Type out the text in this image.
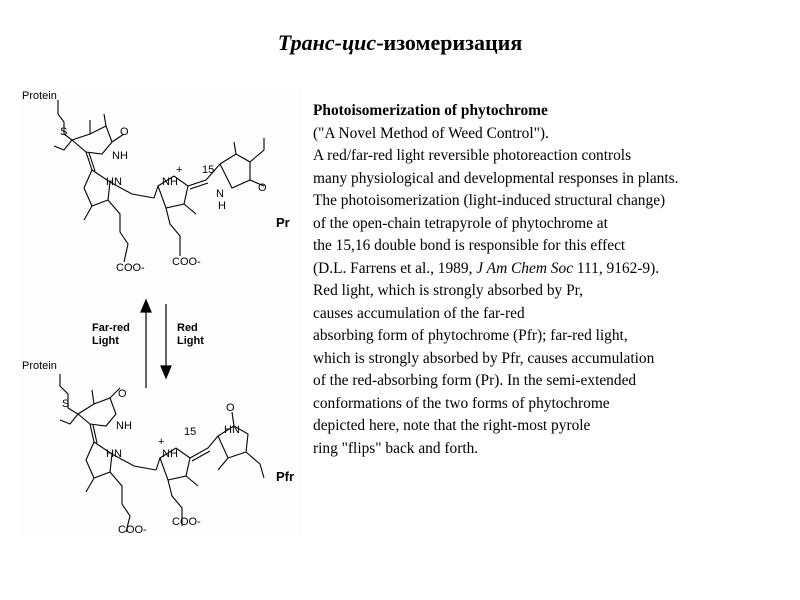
Транс-цис-изомеризация
Protein
S	O
NH
HN	NH
+ 15
N
H
O
COO- COO-
Pr
Far-red
Light
Red
Light
Protein
S
O
NH
HN	NH
+
15	HN
O
COO-
COO-
Pfr
Photoisomerization of phytochrome
("A Novel Method of Weed Control").
A red/far-red light reversible photoreaction controls
many physiological and developmental responses in plants.
The photoisomerization (light-induced structural change)
of the open-chain tetrapyrole of phytochrome at
the 15,16 double bond is responsible for this effect
(D.L. Farrens et al., 1989, J Am Chem Soc 111, 9162-9).
Red light, which is strongly absorbed by Pr,
causes accumulation of the far-red
absorbing form of phytochrome (Pfr); far-red light,
which is strongly absorbed by Pfr, causes accumulation
of the red-absorbing form (Pr). In the semi-extended
conformations of the two forms of phytochrome
depicted here, note that the right-most pyrole
ring "flips" back and forth.
